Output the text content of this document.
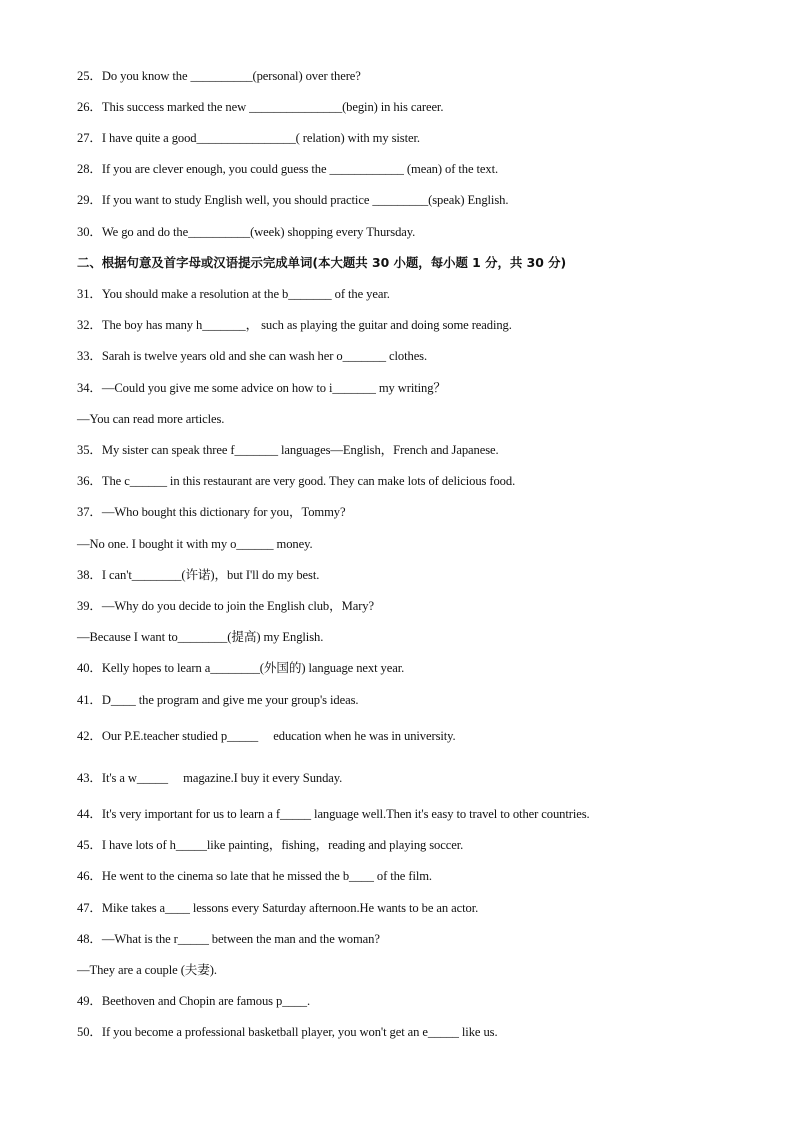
25．Do you know the __________(personal) over there?
26．This success marked the new _______________(begin) in his career.
27．I have quite a good________________( relation) with my sister.
28．If you are clever enough, you could guess the ____________ (mean) of the text.
29．If you want to study English well, you should practice _________(speak) English.
30．We go and do the__________(week) shopping every Thursday.
二、根据句意及首字母或汉语提示完成单词(本大题共 30 小题，每小题 1 分，共 30 分)
31．You should make a resolution at the b_______ of the year.
32．The boy has many h_______， such as playing the guitar and doing some reading.
33．Sarah is twelve years old and she can wash her o_______ clothes.
34．—Could you give me some advice on how to i_______ my writing？
—You can read more articles.
35．My sister can speak three f_______ languages—English，French and Japanese.
36．The c______ in this restaurant are very good. They can make lots of delicious food.
37．—Who bought this dictionary for you，Tommy?
—No one. I bought it with my o______ money.
38．I can't________(许诺)，but I'll do my best.
39．—Why do you decide to join the English club，Mary?
—Because I want to________(提高) my English.
40．Kelly hopes to learn a________(外国的) language next year.
41．D____ the program and give me your group's ideas.
42．Our P.E.teacher studied p_____     education when he was in university.
43．It's a w_____     magazine.I buy it every Sunday.
44．It's very important for us to learn a f_____ language well.Then it's easy to travel to other countries.
45．I have lots of h_____like painting，fishing，reading and playing soccer.
46．He went to the cinema so late that he missed the b____ of the film.
47．Mike takes a____ lessons every Saturday afternoon.He wants to be an actor.
48．—What is the r_____ between the man and the woman?
—They are a couple (夫妻).
49．Beethoven and Chopin are famous p____.
50．If you become a professional basketball player, you won't get an e_____ like us.
